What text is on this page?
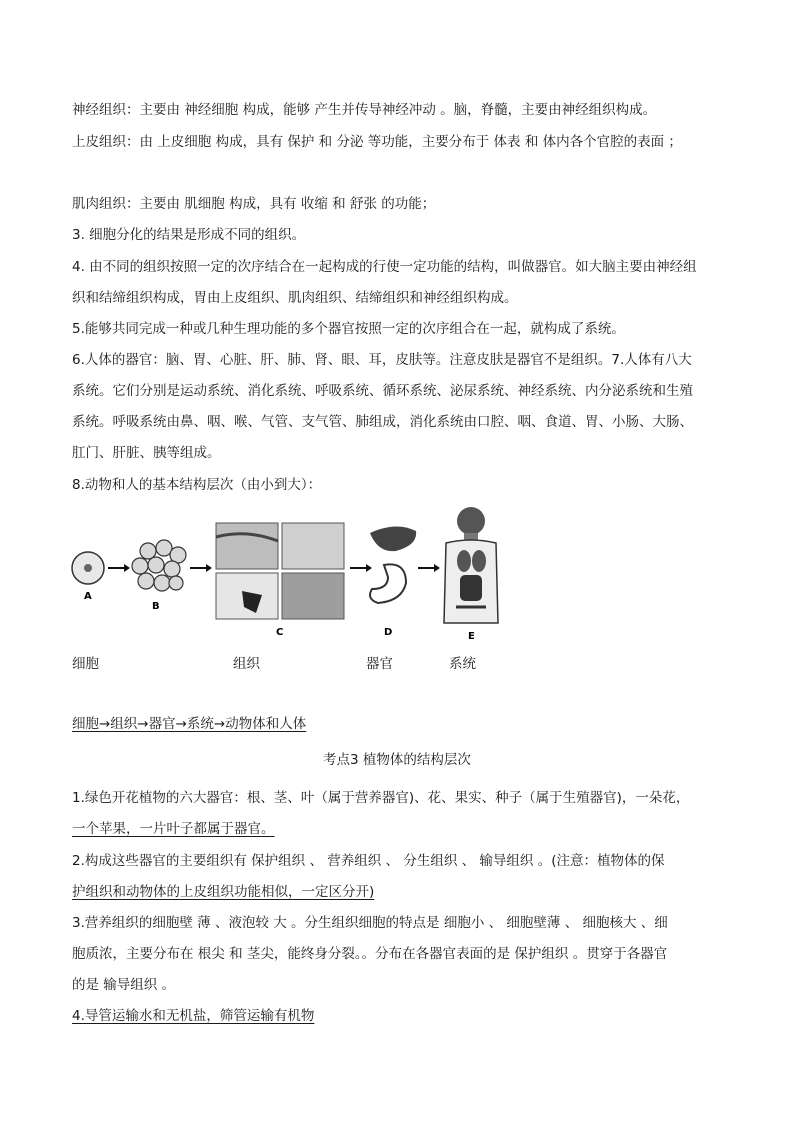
神经组织：主要由 神经细胞 构成，能够 产生并传导神经冲动 。脑，脊髓，主要由神经组织构成。
上皮组织：由 上皮细胞 构成，具有 保护 和 分泌 等功能，主要分布于 体表 和 体内各个官腔的表面 ；
肌肉组织：主要由 肌细胞 构成，具有 收缩 和 舒张 的功能；
3. 细胞分化的结果是形成不同的组织。
4. 由不同的组织按照一定的次序结合在一起构成的行使一定功能的结构，叫做器官。如大脑主要由神经组
织和结缔组织构成，胃由上皮组织、肌肉组织、结缔组织和神经组织构成。
5.能够共同完成一种或几种生理功能的多个器官按照一定的次序组合在一起，就构成了系统。
6.人体的器官：脑、胃、心脏、肝、肺、肾、眼、耳，皮肤等。注意皮肤是器官不是组织。7.人体有八大
系统。它们分别是运动系统、消化系统、呼吸系统、循环系统、泌尿系统、神经系统、内分泌系统和生殖
系统。呼吸系统由鼻、咽、喉、气管、支气管、肺组成，消化系统由口腔、咽、食道、胃、小肠、大肠、
肛门、肝脏、胰等组成。
8.动物和人的基本结构层次（由小到大）：
A
B
C	D	E
细胞	组织	器官	系统
细胞→组织→器官→系统→动物体和人体
考点3 植物体的结构层次
1.绿色开花植物的六大器官：根、茎、叶（属于营养器官)、花、果实、种子（属于生殖器官)，一朵花，
一个苹果，一片叶子都属于器官。
2.构成这些器官的主要组织有 保护组织 、 营养组织 、 分生组织 、 输导组织 。(注意：植物体的保
护组织和动物体的上皮组织功能相似，一定区分开)
3.营养组织的细胞壁 薄 、液泡较 大 。分生组织细胞的特点是 细胞小 、 细胞壁薄 、 细胞核大 、细
胞质浓，主要分布在 根尖 和 茎尖，能终身分裂。。分布在各器官表面的是 保护组织 。贯穿于各器官
的是 输导组织 。
4.导管运输水和无机盐，筛管运输有机物
